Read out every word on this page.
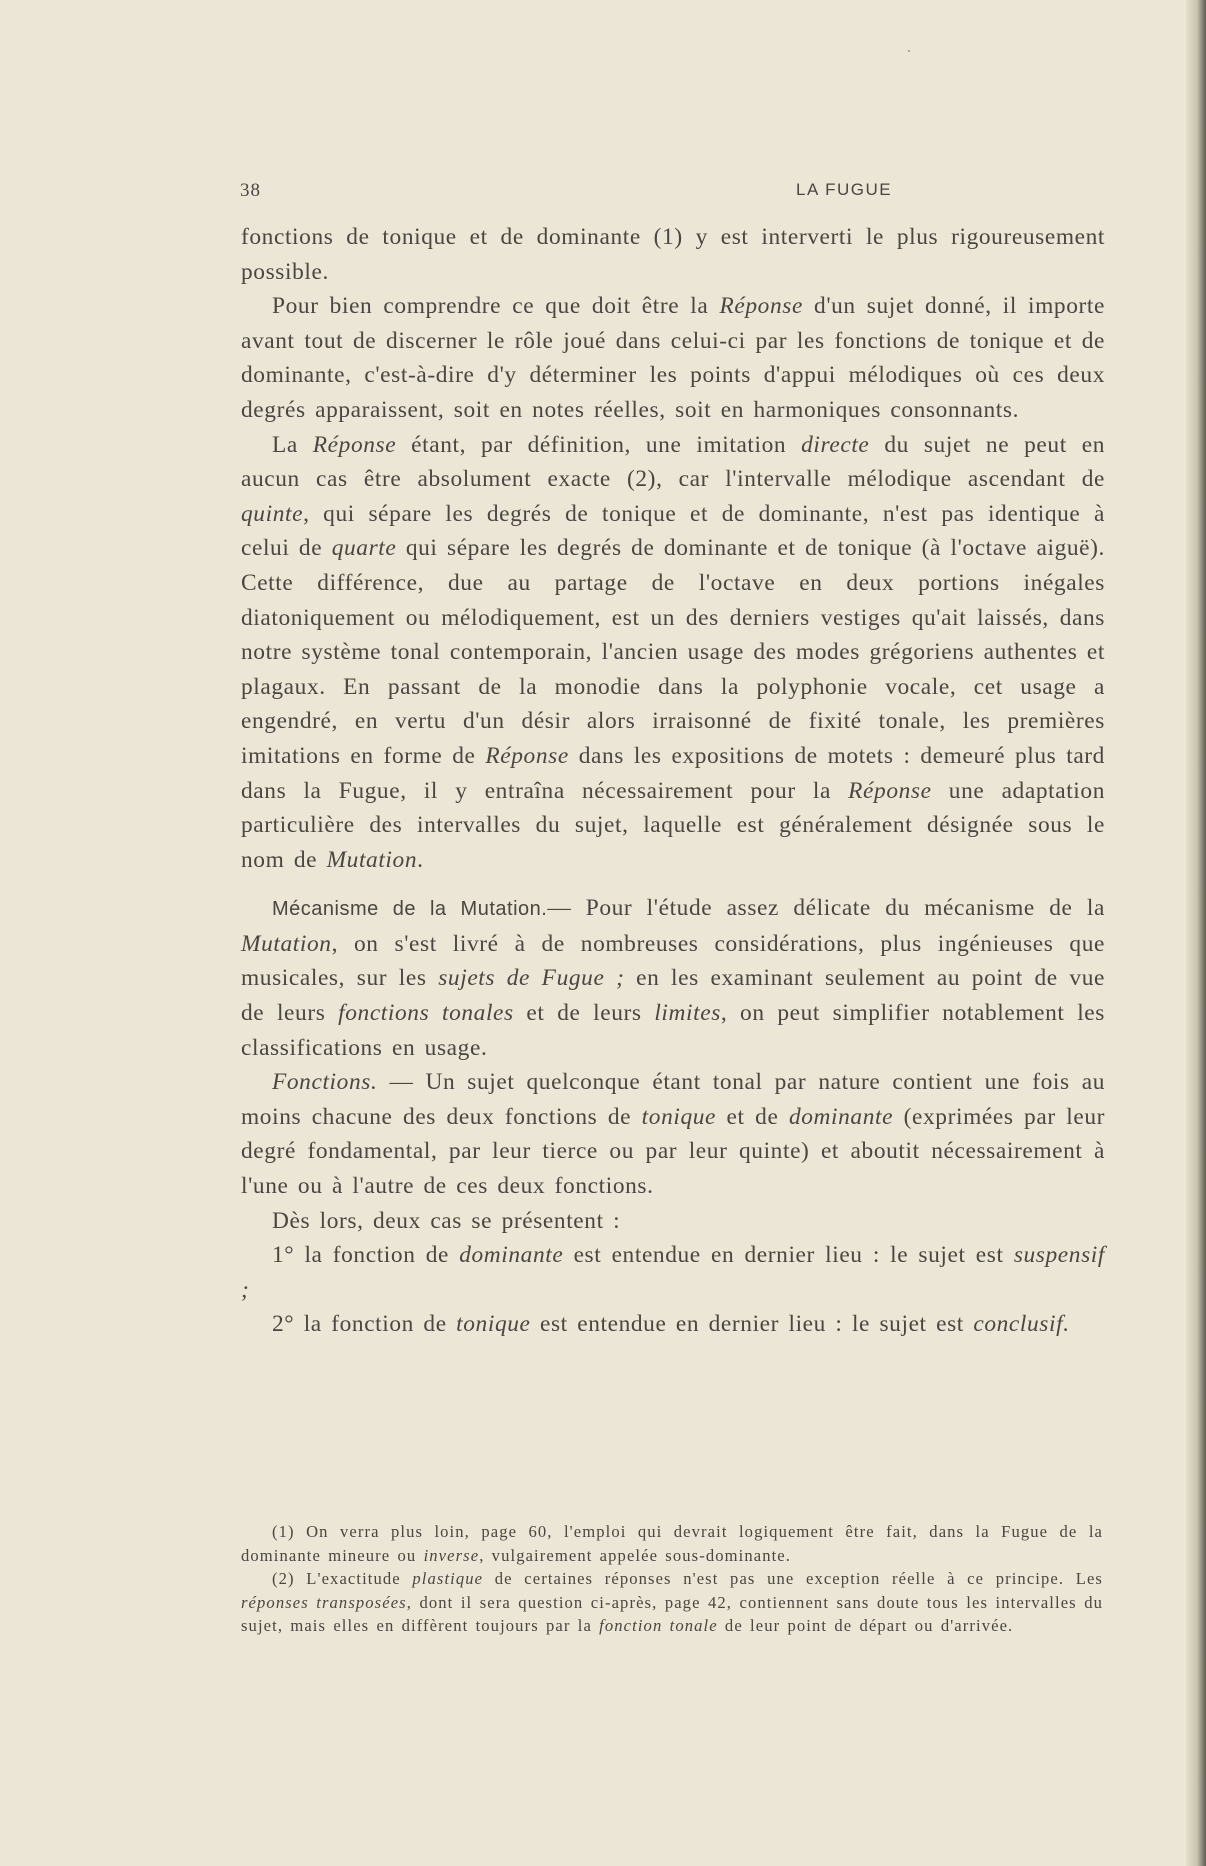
38	LA FUGUE

fonctions de tonique et de dominante (1) y est interverti le plus rigoureusement possible.

Pour bien comprendre ce que doit être la Réponse d'un sujet donné, il importe avant tout de discerner le rôle joué dans celui-ci par les fonctions de tonique et de dominante, c'est-à-dire d'y déterminer les points d'appui mélodiques où ces deux degrés apparaissent, soit en notes réelles, soit en harmoniques consonnants.

La Réponse étant, par définition, une imitation directe du sujet ne peut en aucun cas être absolument exacte (2), car l'intervalle mélodique ascendant de quinte, qui sépare les degrés de tonique et de dominante, n'est pas identique à celui de quarte qui sépare les degrés de dominante et de tonique (à l'octave aiguë). Cette différence, due au partage de l'octave en deux portions inégales diatoniquement ou mélodiquement, est un des derniers vestiges qu'ait laissés, dans notre système tonal contemporain, l'ancien usage des modes grégoriens authentes et plagaux. En passant de la monodie dans la polyphonie vocale, cet usage a engendré, en vertu d'un désir alors irraisonné de fixité tonale, les premières imitations en forme de Réponse dans les expositions de motets : demeuré plus tard dans la Fugue, il y entraîna nécessairement pour la Réponse une adaptation particulière des intervalles du sujet, laquelle est généralement désignée sous le nom de Mutation.

Mécanisme de la Mutation.— Pour l'étude assez délicate du mécanisme de la Mutation, on s'est livré à de nombreuses considérations, plus ingénieuses que musicales, sur les sujets de Fugue ; en les examinant seulement au point de vue de leurs fonctions tonales et de leurs limites, on peut simplifier notablement les classifications en usage.

Fonctions. — Un sujet quelconque étant tonal par nature contient une fois au moins chacune des deux fonctions de tonique et de dominante (exprimées par leur degré fondamental, par leur tierce ou par leur quinte) et aboutit nécessairement à l'une ou à l'autre de ces deux fonctions.

Dès lors, deux cas se présentent :

1° la fonction de dominante est entendue en dernier lieu : le sujet est suspensif ;

2° la fonction de tonique est entendue en dernier lieu : le sujet est conclusif.

(1) On verra plus loin, page 60, l'emploi qui devrait logiquement être fait, dans la Fugue de la dominante mineure ou inverse, vulgairement appelée sous-dominante.

(2) L'exactitude plastique de certaines réponses n'est pas une exception réelle à ce principe. Les réponses transposées, dont il sera question ci-après, page 42, contiennent sans doute tous les intervalles du sujet, mais elles en diffèrent toujours par la fonction tonale de leur point de départ ou d'arrivée.
